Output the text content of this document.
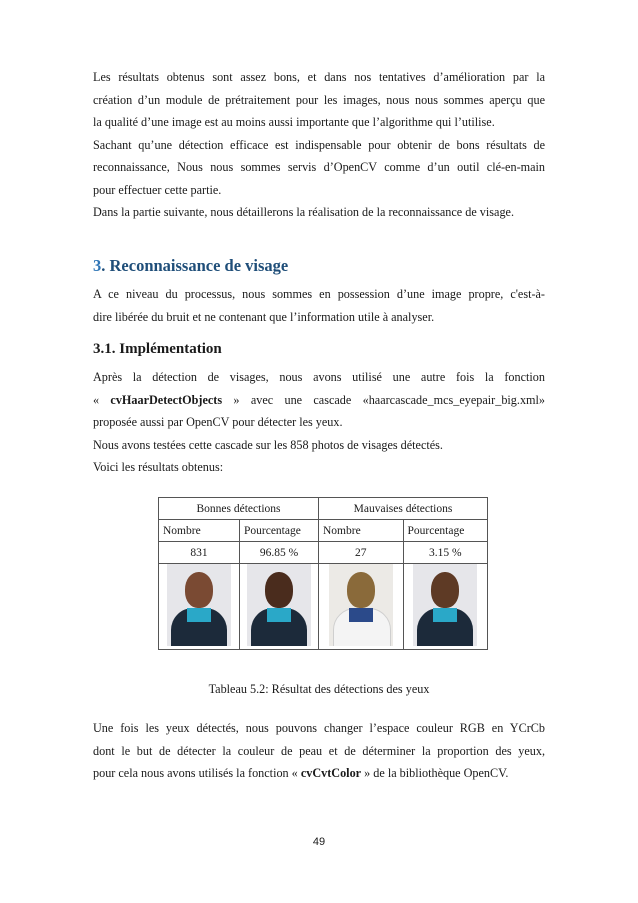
Les résultats obtenus sont assez bons, et dans nos tentatives d’amélioration par la
création d’un module de prétraitement pour les images, nous nous sommes aperçu que
la qualité d’une image est au moins aussi importante que l’algorithme qui l’utilise.
Sachant qu’une détection efficace est indispensable pour obtenir de bons résultats de
reconnaissance, Nous nous sommes servis d’OpenCV comme d’un outil clé-en-main
pour effectuer cette partie.
Dans la partie suivante, nous détaillerons la réalisation de la reconnaissance de visage.
3. Reconnaissance de visage
A ce niveau du processus, nous sommes en possession d’une image propre, c'est-à-
dire libérée du bruit et ne contenant que l’information utile à analyser.
3.1. Implémentation
Après la détection de visages, nous avons utilisé une autre fois la fonction
« cvHaarDetectObjects » avec une cascade «haarcascade_mcs_eyepair_big.xml»
proposée aussi par OpenCV pour détecter les yeux.
Nous avons testées cette cascade sur les 858 photos de visages détectés.
Voici les résultats obtenus:
Bonnes détections		Mauvaises détections	
Nombre	Pourcentage	Nombre	Pourcentage
831	96.85 %	27	3.15 %

Tableau 5.2: Résultat des détections des yeux
Une fois les yeux détectés, nous pouvons changer l’espace couleur RGB en YCrCb
dont le but de détecter la couleur de peau et de déterminer la proportion des yeux,
pour cela nous avons utilisés la fonction « cvCvtColor » de la bibliothèque OpenCV.
49
